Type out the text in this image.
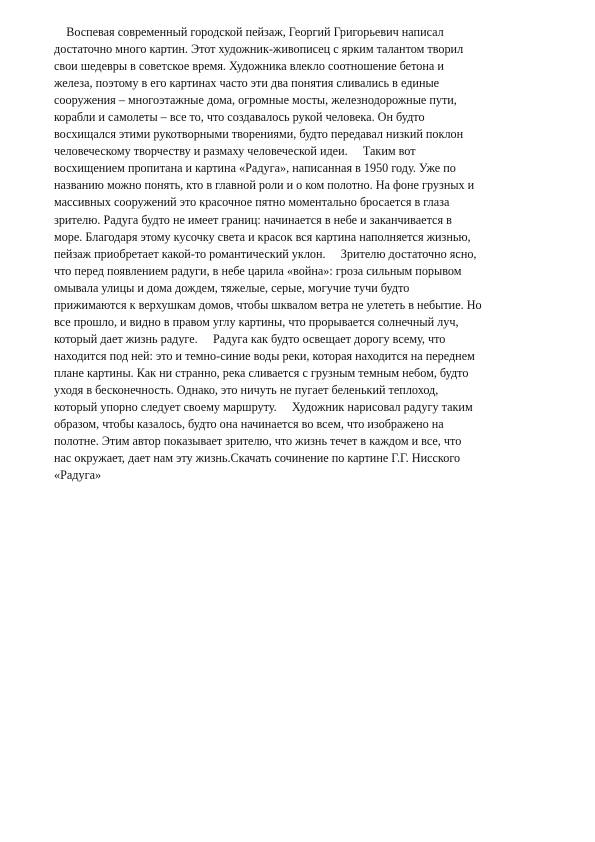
Воспевая современный городской пейзаж, Георгий Григорьевич написал
достаточно много картин. Этот художник-живописец с ярким талантом творил
свои шедевры в советское время. Художника влекло соотношение бетона и
железа, поэтому в его картинах часто эти два понятия сливались в единые
сооружения – многоэтажные дома, огромные мосты, железнодорожные пути,
корабли и самолеты – все то, что создавалось рукой человека. Он будто
восхищался этими рукотворными творениями, будто передавал низкий поклон
человеческому творчеству и размаху человеческой идеи.     Таким вот
восхищением пропитана и картина «Радуга», написанная в 1950 году. Уже по
названию можно понять, кто в главной роли и о ком полотно. На фоне грузных и
массивных сооружений это красочное пятно моментально бросается в глаза
зрителю. Радуга будто не имеет границ: начинается в небе и заканчивается в
море. Благодаря этому кусочку света и красок вся картина наполняется жизнью,
пейзаж приобретает какой-то романтический уклон.     Зрителю достаточно ясно,
что перед появлением радуги, в небе царила «война»: гроза сильным порывом
омывала улицы и дома дождем, тяжелые, серые, могучие тучи будто
прижимаются к верхушкам домов, чтобы шквалом ветра не улететь в небытие. Но
все прошло, и видно в правом углу картины, что прорывается солнечный луч,
который дает жизнь радуге.     Радуга как будто освещает дорогу всему, что
находится под ней: это и темно-синие воды реки, которая находится на переднем
плане картины. Как ни странно, река сливается с грузным темным небом, будто
уходя в бесконечность. Однако, это ничуть не пугает беленький теплоход,
который упорно следует своему маршруту.     Художник нарисовал радугу таким
образом, чтобы казалось, будто она начинается во всем, что изображено на
полотне. Этим автор показывает зрителю, что жизнь течет в каждом и все, что
нас окружает, дает нам эту жизнь.Скачать сочинение по картине Г.Г. Нисского
«Радуга»
